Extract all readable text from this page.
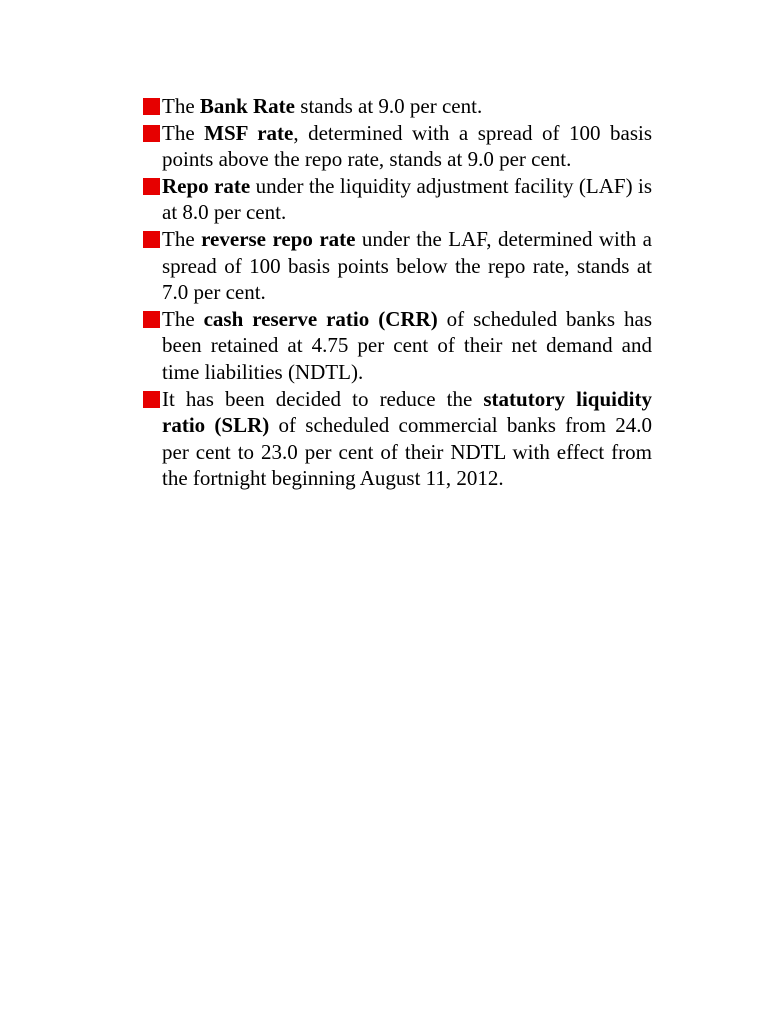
The Bank Rate stands at 9.0 per cent.
The MSF rate, determined with a spread of 100 basis points above the repo rate, stands at 9.0 per cent.
Repo rate under the liquidity adjustment facility (LAF) is at 8.0 per cent.
The reverse repo rate under the LAF, determined with a spread of 100 basis points below the repo rate, stands at 7.0 per cent.
The cash reserve ratio (CRR) of scheduled banks has been retained at 4.75 per cent of their net demand and time liabilities (NDTL).
It has been decided to reduce the statutory liquidity ratio (SLR) of scheduled commercial banks from 24.0 per cent to 23.0 per cent of their NDTL with effect from the fortnight beginning August 11, 2012.
